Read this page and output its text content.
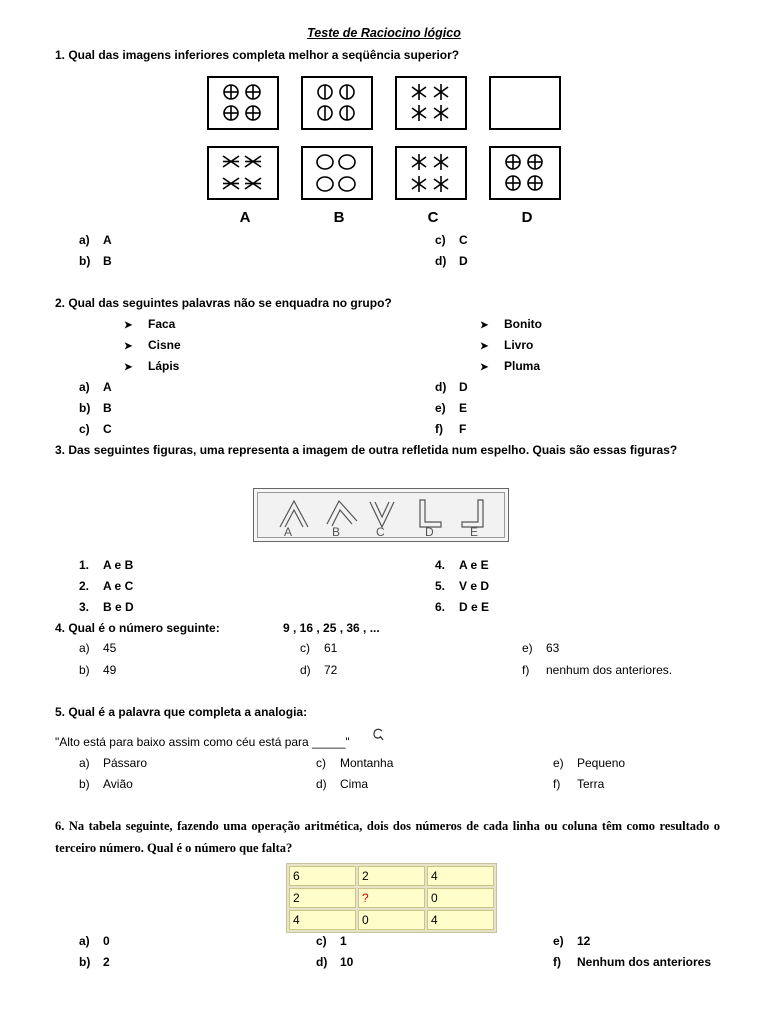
Teste de Raciocino lógico
1. Qual das imagens inferiores completa melhor a seqüência superior?
A	B	C	D
a) A
b) B
c) C
d) D
2. Qual das seguintes palavras não se enquadra no grupo?
➤ Faca
➤ Cisne
➤ Lápis
➤ Bonito
➤ Livro
➤ Pluma
a) A
b) B
c) C
d) D
e) E
f) F
3. Das seguintes figuras, uma representa a imagem de outra refletida num espelho. Quais são essas figuras?
A	B	C	D	E
1. A e B
2. A e C
3. B e D
4. A e E
5. V e D
6. D e E
4. Qual é o número seguinte:	9 , 16 , 25 , 36 , ...
a) 45
b) 49
c) 61
d) 72
e) 63
f) nenhum dos anteriores.
5. Qual é a palavra que completa a analogia:
"Alto está para baixo assim como céu está para _____"
a) Pássaro
b) Avião
c) Montanha
d) Cima
e) Pequeno
f) Terra
6. Na tabela seguinte, fazendo uma operação aritmética, dois dos números de cada linha ou coluna têm como resultado o terceiro número. Qual é o número que falta?
6	2	4
2	?	0
4	0	4
a) 0
b) 2
c) 1
d) 10
e) 12
f) Nenhum dos anteriores
